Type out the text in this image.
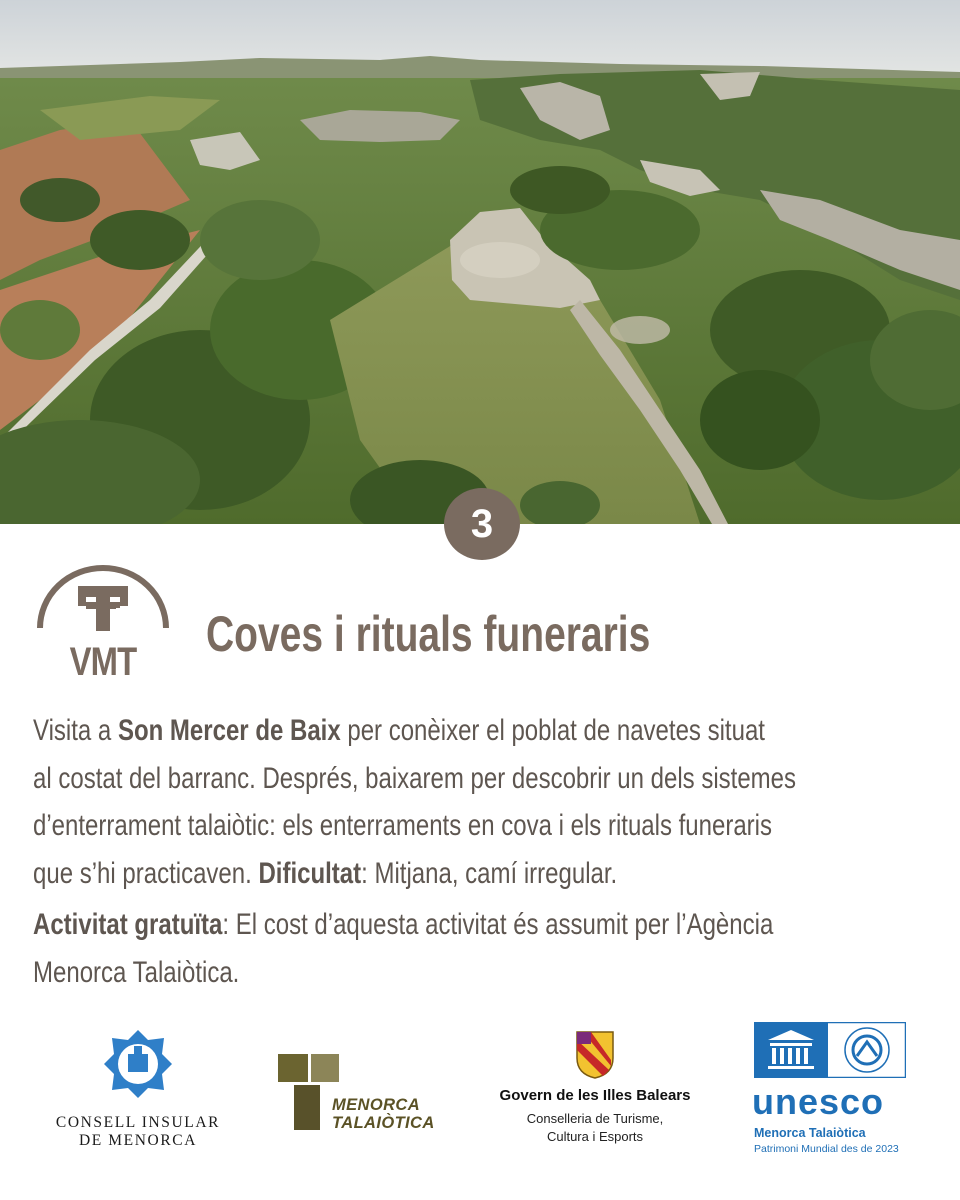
3
VMT	Coves i rituals funeraris
Visita a Son Mercer de Baix per conèixer el poblat de navetes situat
al costat del barranc. Després, baixarem per descobrir un dels sistemes
d’enterrament talaiòtic: els enterraments en cova i els rituals funeraris
que s’hi practicaven. Dificultat: Mitjana, camí irregular.
Activitat gratuïta: El cost d’aquesta activitat és assumit per l’Agència
Menorca Talaiòtica.
CONSELL INSULAR
DE MENORCA
MENORCA
TALAIÒTICA
Govern de les Illes Balears
Conselleria de Turisme,
Cultura i Esports
unesco
Menorca Talaiòtica
Patrimoni Mundial des de 2023
